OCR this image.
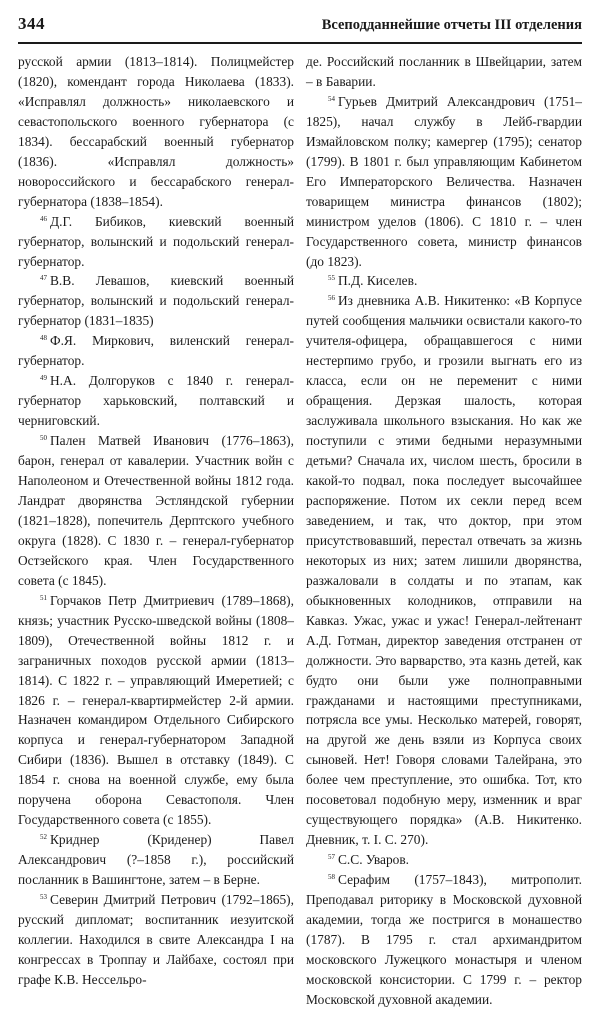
344	Всеподданнейшие отчеты III отделения

русской армии (1813–1814). Полицмейстер (1820), комендант города Николаева (1833). «Исправлял должность» николаевского и севастопольского военного губернатора (с 1834). бессарабский военный губернатор (1836). «Исправлял должность» новороссийского и бессарабского генерал-губернатора (1838–1854).

$^{46}$ Д.Г. Бибиков, киевский военный губернатор, волынский и подольский генерал-губернатор.

$^{47}$ В.В. Левашов, киевский военный губернатор, волынский и подольский генерал-губернатор (1831–1835)

$^{48}$ Ф.Я. Миркович, виленский генерал-губернатор.

$^{49}$ Н.А. Долгоруков с 1840 г. генерал-губернатор харьковский, полтавский и черниговский.

$^{50}$ Пален Матвей Иванович (1776–1863), барон, генерал от кавалерии. Участник войн с Наполеоном и Отечественной войны 1812 года. Ландрат дворянства Эстляндской губернии (1821–1828), попечитель Дерптского учебного округа (1828). С 1830 г. – генерал-губернатор Остзейского края. Член Государственного совета (с 1845).

$^{51}$ Горчаков Петр Дмитриевич (1789–1868), князь; участник Русско-шведской войны (1808–1809), Отечественной войны 1812 г. и заграничных походов русской армии (1813–1814). С 1822 г. – управляющий Имеретией; с 1826 г. – генерал-квартирмейстер 2-й армии. Назначен командиром Отдельного Сибирского корпуса и генерал-губернатором Западной Сибири (1836). Вышел в отставку (1849). С 1854 г. снова на военной службе, ему была поручена оборона Севастополя. Член Государственного совета (с 1855).

$^{52}$ Криднер (Криденер) Павел Александрович (?–1858 г.), российский посланник в Вашингтоне, затем – в Берне.

$^{53}$ Северин Дмитрий Петрович (1792–1865), русский дипломат; воспитанник иезуитской коллегии. Находился в свите Александра I на конгрессах в Троппау и Лайбахе, состоял при графе К.В. Нессельро-

де. Российский посланник в Швейцарии, затем – в Баварии.

$^{54}$ Гурьев Дмитрий Александрович (1751–1825), начал службу в Лейб-гвардии Измайловском полку; камергер (1795); сенатор (1799). В 1801 г. был управляющим Кабинетом Его Императорского Величества. Назначен товарищем министра финансов (1802); министром уделов (1806). С 1810 г. – член Государственного совета, министр финансов (до 1823).

$^{55}$ П.Д. Киселев.

$^{56}$ Из дневника А.В. Никитенко: «В Корпусе путей сообщения мальчики освистали какого-то учителя-офицера, обращавшегося с ними нестерпимо грубо, и грозили выгнать его из класса, если он не переменит с ними обращения. Дерзкая шалость, которая заслуживала школьного взыскания. Но как же поступили с этими бедными неразумными детьми? Сначала их, числом шесть, бросили в какой-то подвал, пока последует высочайшее распоряжение. Потом их секли перед всем заведением, и так, что доктор, при этом присутствовавший, перестал отвечать за жизнь некоторых из них; затем лишили дворянства, разжаловали в солдаты и по этапам, как обыкновенных колодников, отправили на Кавказ. Ужас, ужас и ужас! Генерал-лейтенант А.Д. Готман, директор заведения отстранен от должности. Это варварство, эта казнь детей, как будто они были уже полноправными гражданами и настоящими преступниками, потрясла все умы. Несколько матерей, говорят, на другой же день взяли из Корпуса своих сыновей. Нет! Говоря словами Талейрана, это более чем преступление, это ошибка. Тот, кто посоветовал подобную меру, изменник и враг существующего порядка» (А.В. Никитенко. Дневник, т. I. С. 270).

$^{57}$ С.С. Уваров.

$^{58}$ Серафим (1757–1843), митрополит. Преподавал риторику в Московской духовной академии, тогда же постригся в монашество (1787). В 1795 г. стал архимандритом московского Лужецкого монастыря и членом московской консистории. С 1799 г. – ректор Московской духовной академии.
